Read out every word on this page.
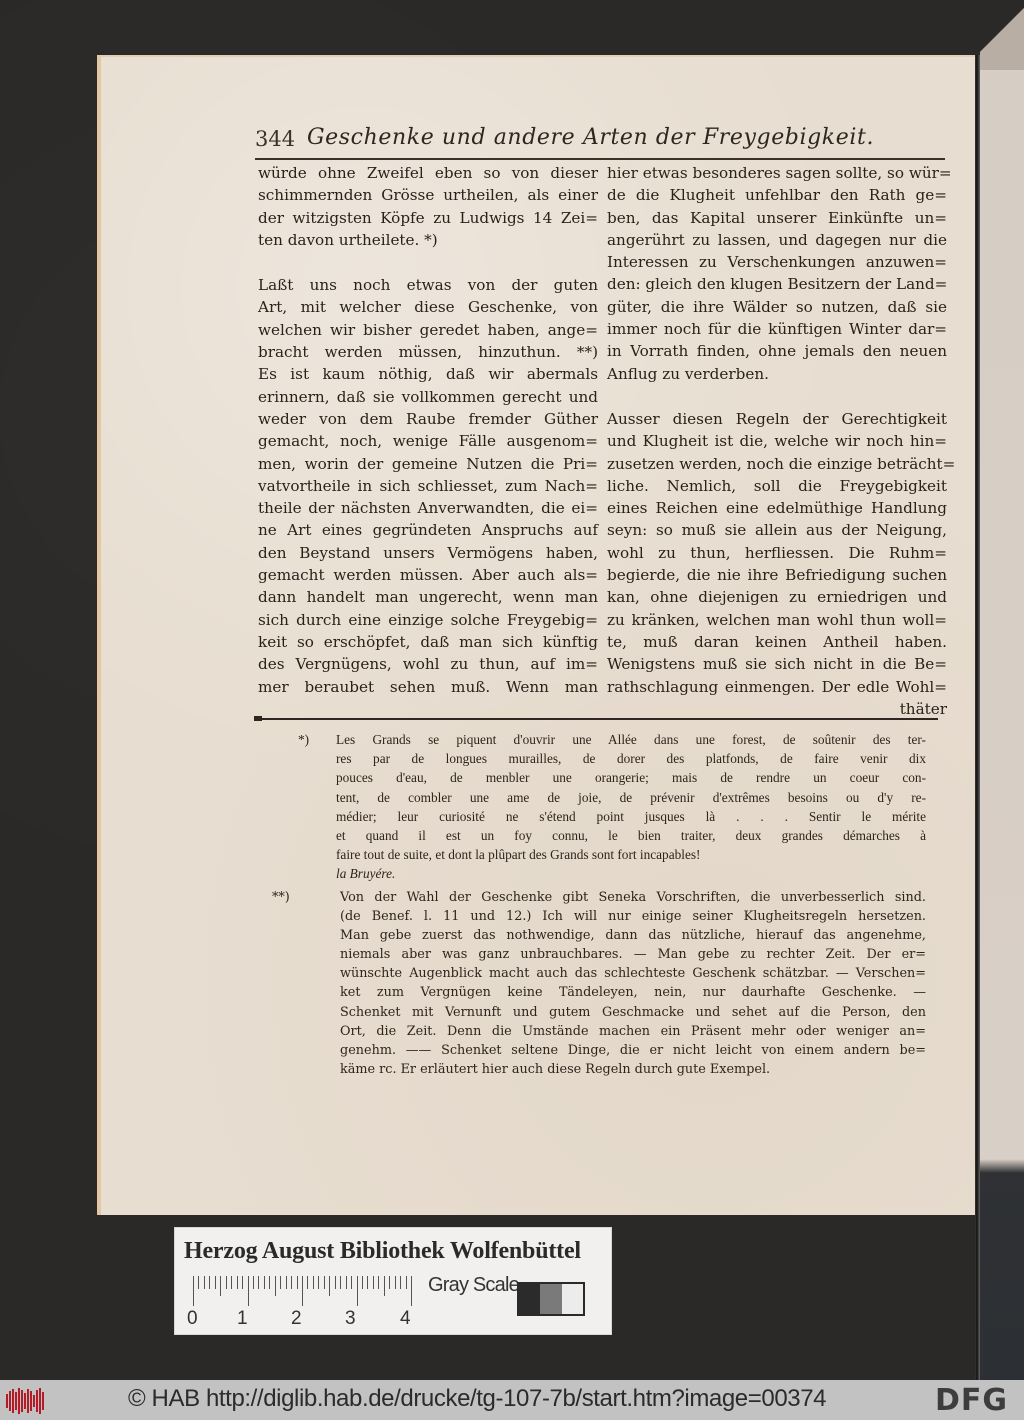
344 Geschenke und andere Arten der Freygebigkeit.

würde ohne Zweifel eben so von dieser
schimmernden Grösse urtheilen, als einer
der witzigsten Köpfe zu Ludwigs 14 Zei=
ten davon urtheilete. *)

Laßt uns noch etwas von der guten
Art, mit welcher diese Geschenke, von
welchen wir bisher geredet haben, ange=
bracht werden müssen, hinzuthun. **)
Es ist kaum nöthig, daß wir abermals
erinnern, daß sie vollkommen gerecht und
weder von dem Raube fremder Güther
gemacht, noch, wenige Fälle ausgenom=
men, worin der gemeine Nutzen die Pri=
vatvortheile in sich schliesset, zum Nach=
theile der nächsten Anverwandten, die ei=
ne Art eines gegründeten Anspruchs auf
den Beystand unsers Vermögens haben,
gemacht werden müssen. Aber auch als=
dann handelt man ungerecht, wenn man
sich durch eine einzige solche Freygebig=
keit so erschöpfet, daß man sich künftig
des Vergnügens, wohl zu thun, auf im=
mer beraubet sehen muß. Wenn man

hier etwas besonderes sagen sollte, so wür=
de die Klugheit unfehlbar den Rath ge=
ben, das Kapital unserer Einkünfte un=
angerührt zu lassen, und dagegen nur die
Interessen zu Verschenkungen anzuwen=
den: gleich den klugen Besitzern der Land=
güter, die ihre Wälder so nutzen, daß sie
immer noch für die künftigen Winter dar=
in Vorrath finden, ohne jemals den neuen
Anflug zu verderben.

Ausser diesen Regeln der Gerechtigkeit
und Klugheit ist die, welche wir noch hin=
zusetzen werden, noch die einzige beträcht=
liche. Nemlich, soll die Freygebigkeit
eines Reichen eine edelmüthige Handlung
seyn: so muß sie allein aus der Neigung,
wohl zu thun, herfliessen. Die Ruhm=
begierde, die nie ihre Befriedigung suchen
kan, ohne diejenigen zu erniedrigen und
zu kränken, welchen man wohl thun woll=
te, muß daran keinen Antheil haben.
Wenigstens muß sie sich nicht in die Be=
rathschlagung einmengen. Der edle Wohl=

thäter
*) Les Grands se piquent d'ouvrir une Allée dans une forest, de soûtenir des ter-
res par de longues murailles, de dorer des platfonds, de faire venir dix
pouces d'eau, de menbler une orangerie; mais de rendre un coeur con-
tent, de combler une ame de joie, de prévenir d'extrêmes besoins ou d'y re-
médier; leur curiosité ne s'étend point jusques là . . . Sentir le mérite
et quand il est un foy connu, le bien traiter, deux grandes démarches à
faire tout de suite, et dont la plûpart des Grands sont fort incapables!
la Bruyére.
**)	Von der Wahl der Geschenke gibt Seneka Vorschriften, die unverbesserlich sind.
(de Benef. l. 11 und 12.) Ich will nur einige seiner Klugheitsregeln hersetzen.
Man gebe zuerst das nothwendige, dann das nützliche, hierauf das angenehme,
niemals aber was ganz unbrauchbares. — Man gebe zu rechter Zeit. Der er=
wünschte Augenblick macht auch das schlechteste Geschenk schätzbar. — Verschen=
ket zum Vergnügen keine Tändeleyen, nein, nur daurhafte Geschenke. —
Schenket mit Vernunft und gutem Geschmacke und sehet auf die Person, den
Ort, die Zeit. Denn die Umstände machen ein Präsent mehr oder weniger an=
genehm. —— Schenket seltene Dinge, die er nicht leicht von einem andern be=
käme rc. Er erläutert hier auch diese Regeln durch gute Exempel.
Herzog August Bibliothek Wolfenbüttel
0 1 2 3 4
Gray Scale
© HAB http://diglib.hab.de/drucke/tg-107-7b/start.htm?image=00374	DFG
